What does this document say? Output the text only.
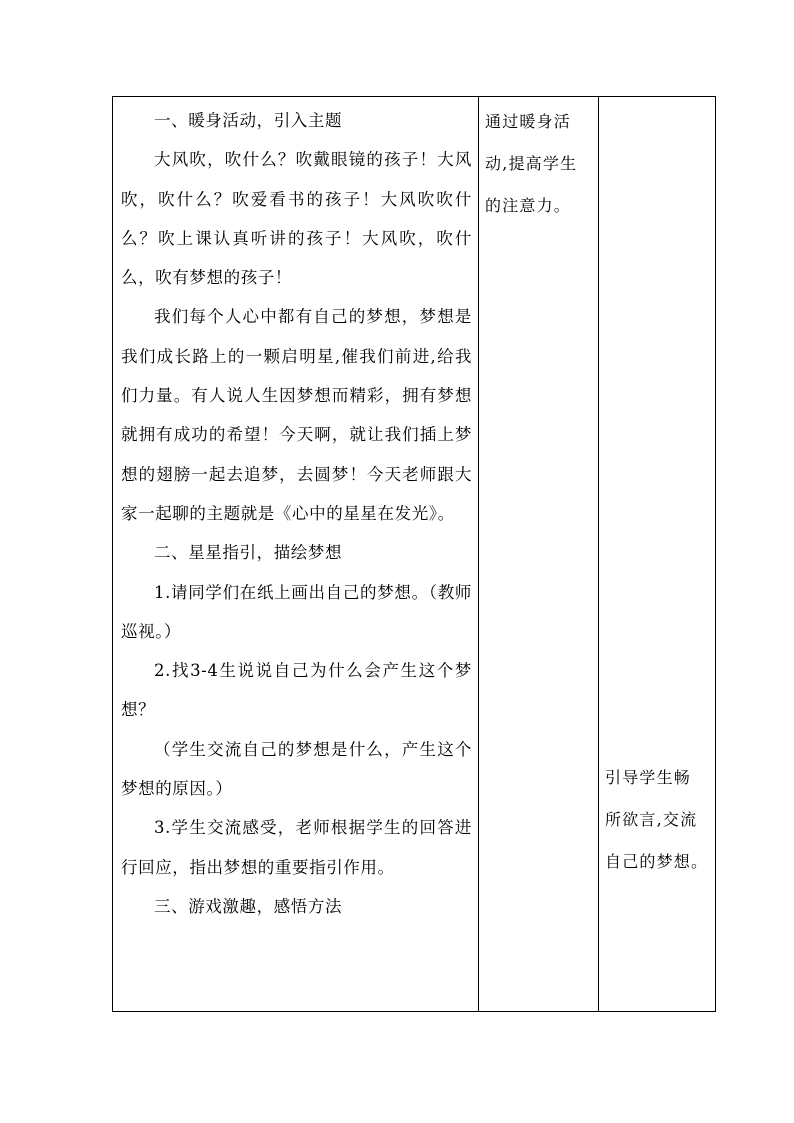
一、暖身活动，引入主题

大风吹，吹什么？吹戴眼镜的孩子！大风吹，吹什么？吹爱看书的孩子！大风吹吹什么？吹上课认真听讲的孩子！大风吹，吹什么，吹有梦想的孩子！

我们每个人心中都有自己的梦想，梦想是我们成长路上的一颗启明星,催我们前进,给我们力量。有人说人生因梦想而精彩，拥有梦想就拥有成功的希望！今天啊，就让我们插上梦想的翅膀一起去追梦，去圆梦！今天老师跟大家一起聊的主题就是《心中的星星在发光》。

二、星星指引，描绘梦想

1.请同学们在纸上画出自己的梦想。（教师巡视。）

2.找3-4生说说自己为什么会产生这个梦想？

（学生交流自己的梦想是什么，产生这个梦想的原因。）

3.学生交流感受，老师根据学生的回答进行回应，指出梦想的重要指引作用。

三、游戏激趣，感悟方法

通过暖身活

动,提高学生

的注意力。

引导学生畅

所欲言,交流

自己的梦想。
